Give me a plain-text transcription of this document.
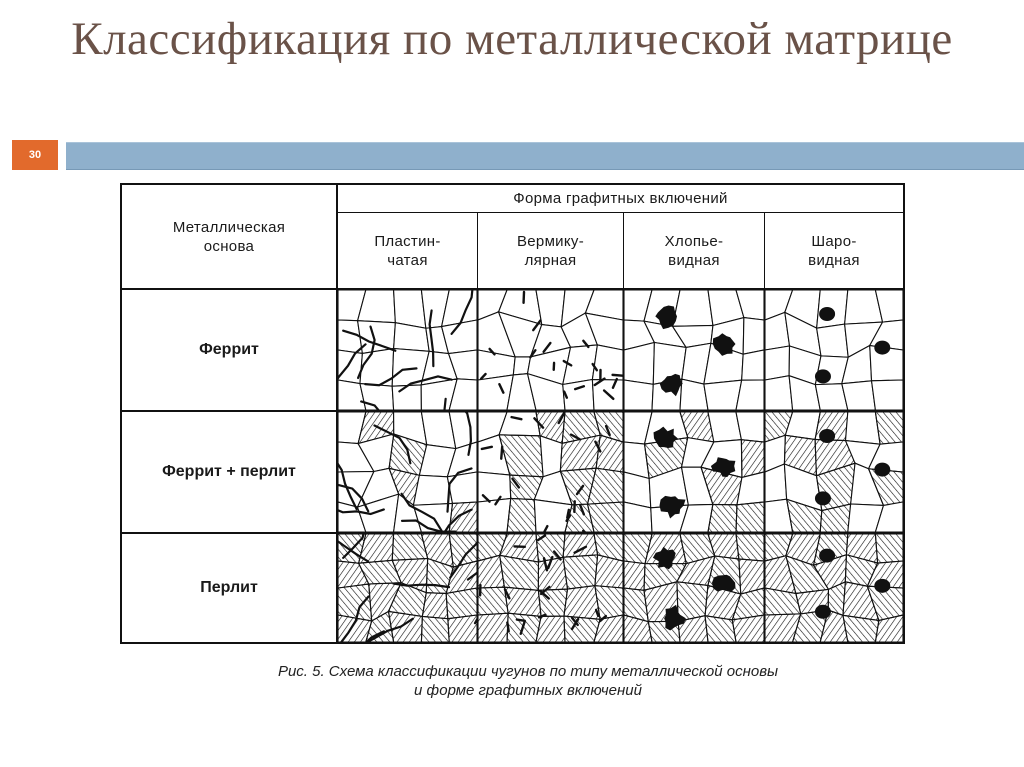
Классификация по металлической матрице
30
Металлическая
основа
Форма графитных включений
Пластин-
чатая
Вермику-
лярная
Хлопье-
видная
Шаро-
видная
Феррит
Феррит + перлит
Перлит
Рис. 5. Схема классификации чугунов по типу металлической основы
и форме графитных включений
